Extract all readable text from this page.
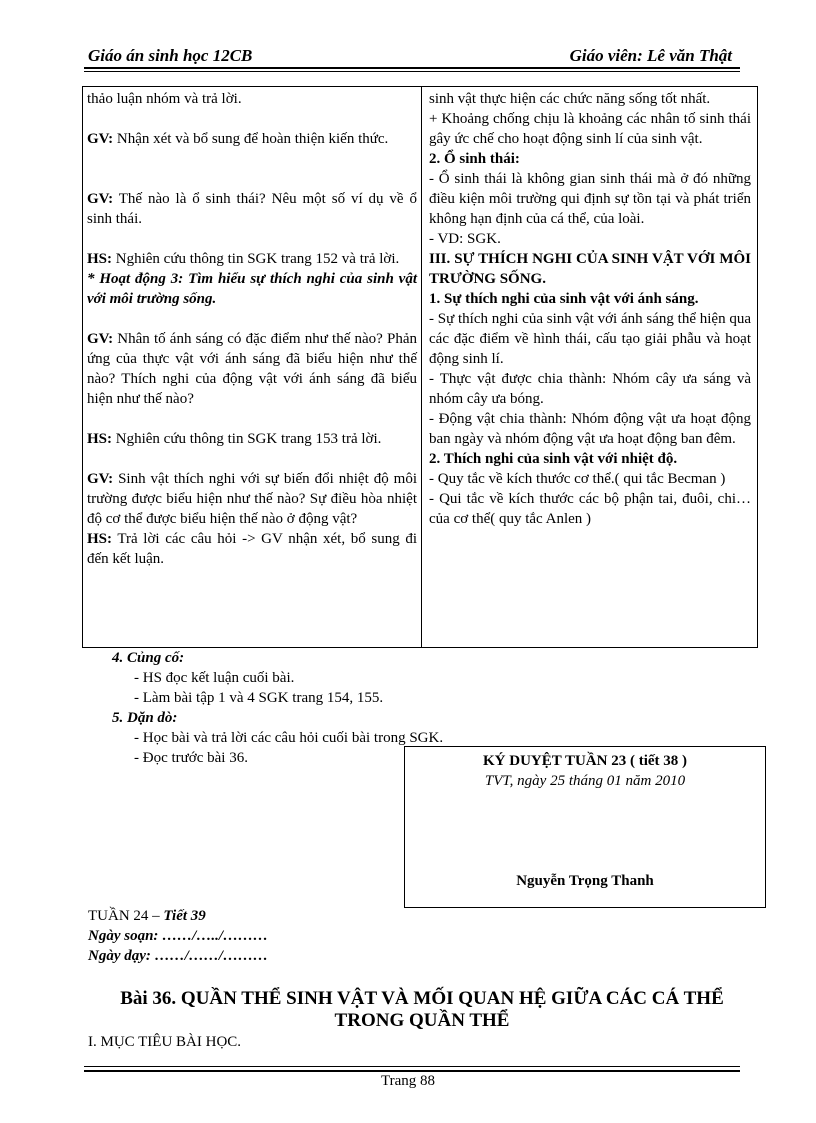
Giáo án sinh học 12CB	Giáo viên: Lê văn Thật

thảo luận nhóm và trả lời.

GV: Nhận xét và bổ sung để hoàn thiện kiến thức.

GV: Thế nào là ổ sinh thái? Nêu một số ví dụ về ổ sinh thái.

HS: Nghiên cứu thông tin SGK trang 152 và trả lời.

* Hoạt động 3: Tìm hiểu sự thích nghi của sinh vật với môi trường sống.

GV: Nhân tố ánh sáng có đặc điểm như thế nào? Phản ứng của thực vật với ánh sáng đã biểu hiện như thế nào? Thích nghi của động vật với ánh sáng đã biểu hiện như thế nào?

HS: Nghiên cứu thông tin SGK trang 153 trả lời.

GV: Sinh vật thích nghi với sự biến đổi nhiệt độ môi trường được biểu hiện như thế nào? Sự điều hòa nhiệt độ cơ thể được biểu hiện thế nào ở động vật?

HS: Trả lời các câu hỏi -> GV nhận xét, bổ sung đi đến kết luận.

sinh vật thực hiện các chức năng sống tốt nhất.

+ Khoảng chống chịu là khoảng các nhân tố sinh thái gây ức chế cho hoạt động sinh lí của sinh vật.

2. Ổ sinh thái:

- Ổ sinh thái là không gian sinh thái mà ở đó những điều kiện môi trường qui định sự tồn tại và phát triển không hạn định của cá thể, của loài.

- VD: SGK.

III. SỰ THÍCH NGHI CỦA SINH VẬT VỚI MÔI TRƯỜNG SỐNG.

1. Sự thích nghi của sinh vật với ánh sáng.

- Sự thích nghi của sinh vật với ánh sáng thể hiện qua các đặc điểm về hình thái, cấu tạo giải phẫu và hoạt động sinh lí.

- Thực vật được chia thành: Nhóm cây ưa sáng và nhóm cây ưa bóng.

- Động vật chia thành: Nhóm động vật ưa hoạt động ban ngày và nhóm động vật ưa hoạt động ban đêm.

2. Thích nghi của sinh vật với nhiệt độ.

- Quy tắc về kích thước cơ thể.( qui tắc Becman )

- Qui tắc về kích thước các bộ phận tai, đuôi, chi… của cơ thể( quy tắc Anlen )

4. Củng cố:

- HS đọc kết luận cuối bài.

- Làm bài tập 1 và 4 SGK trang 154, 155.

5. Dặn dò:

- Học bài và trả lời các câu hỏi cuối bài trong SGK.

- Đọc trước bài 36.	KÝ DUYỆT TUẦN 23 ( tiết 38 )
TVT, ngày 25 tháng 01 năm 2010
Nguyễn Trọng Thanh

TUẦN 24 – Tiết 39

Ngày soạn: ……/…../………

Ngày dạy: ……/……/………

Bài 36. QUẦN THỂ SINH VẬT VÀ MỐI QUAN HỆ GIỮA CÁC CÁ THỂ TRONG QUẦN THỂ
I. MỤC TIÊU BÀI HỌC.
Trang 88
